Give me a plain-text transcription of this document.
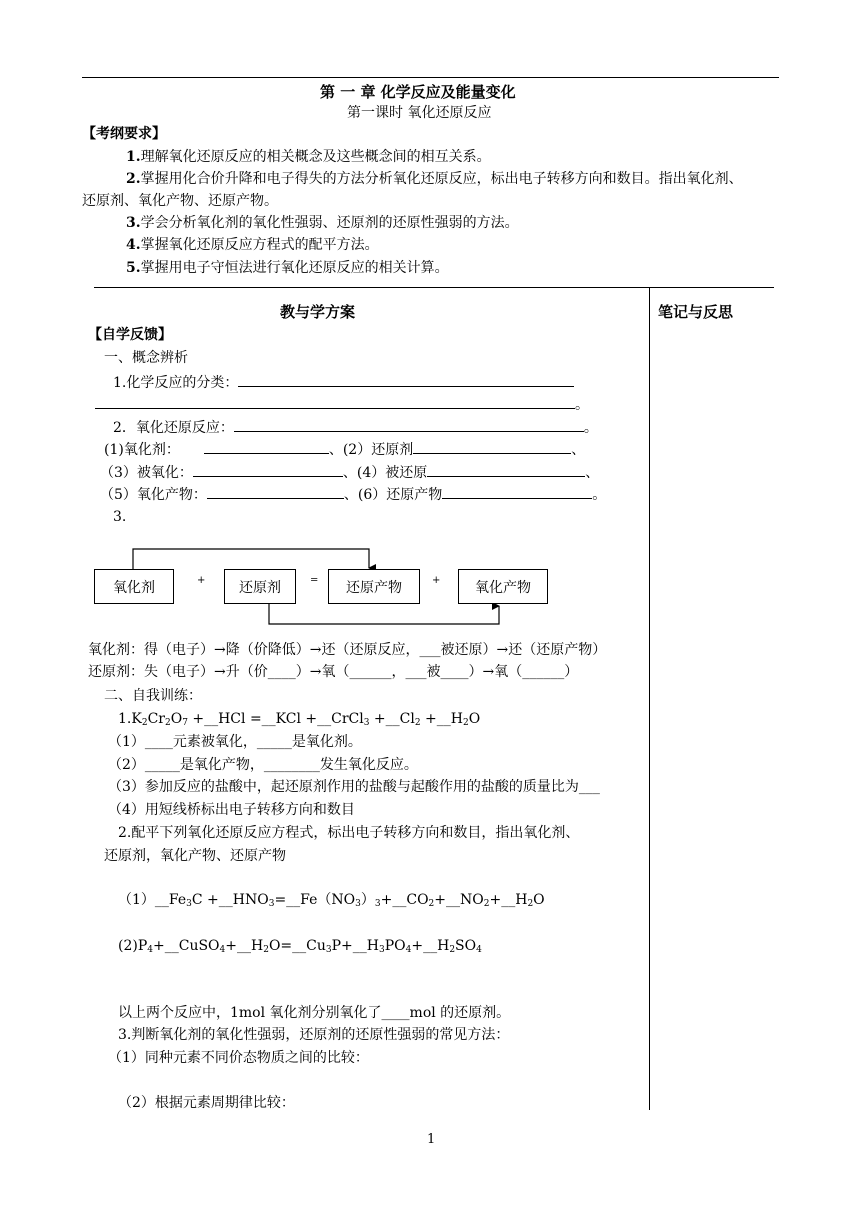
第 一 章 化学反应及能量变化
第一课时 氧化还原反应
【考纲要求】
1.理解氧化还原反应的相关概念及这些概念间的相互关系。
2.掌握用化合价升降和电子得失的方法分析氧化还原反应，标出电子转移方向和数目。指出氧化剂、
还原剂、氧化产物、还原产物。
3.学会分析氧化剂的氧化性强弱、还原剂的还原性强弱的方法。
4.掌握氧化还原反应方程式的配平方法。
5.掌握用电子守恒法进行氧化还原反应的相关计算。
教与学方案	笔记与反思
【自学反馈】
一、概念辨析
1.化学反应的分类：
。
2．氧化还原反应：	。
(1)氧化剂：	、(2）还原剂	、
（3）被氧化：	、(4）被还原	、
（5）氧化产物：	、(6）还原产物	。
3.
氧化剂	+	还原剂	=	还原产物	+	氧化产物
氧化剂：得（电子）→降（价降低）→还（还原反应，___被还原）→还（还原产物）
还原剂：失（电子）→升（价____）→氧（______，___被____）→氧（______）
二、自我训练：
$1.K_2Cr_2O_7$ +__HCl =__KCl +__CrCl$_3$ $+\_\_Cl_2$ $+\_\_H_2O$
（1）____元素被氧化，_____是氧化剂。
（2）_____是氧化产物，________发生氧化反应。
（3）参加反应的盐酸中，起还原剂作用的盐酸与起酸作用的盐酸的质量比为___
（4）用短线桥标出电子转移方向和数目
2.配平下列氧化还原反应方程式，标出电子转移方向和数目，指出氧化剂、
还原剂，氧化产物、还原产物
$(1)\_\_Fe_3C$ $+\_\_HNO_3=\_\_Fe(NO_3)_3+\_\_CO_2+\_\_NO_2+\_\_H_2O$
$(2)P_4+\_\_CuSO_4+\_\_H_2O=\_\_Cu_3P+\_\_H_3PO_4+\_\_H_2SO_4$
以上两个反应中，1mol 氧化剂分别氧化了____mol 的还原剂。
3.判断氧化剂的氧化性强弱，还原剂的还原性强弱的常见方法：
（1）同种元素不同价态物质之间的比较：
（2）根据元素周期律比较：
1
